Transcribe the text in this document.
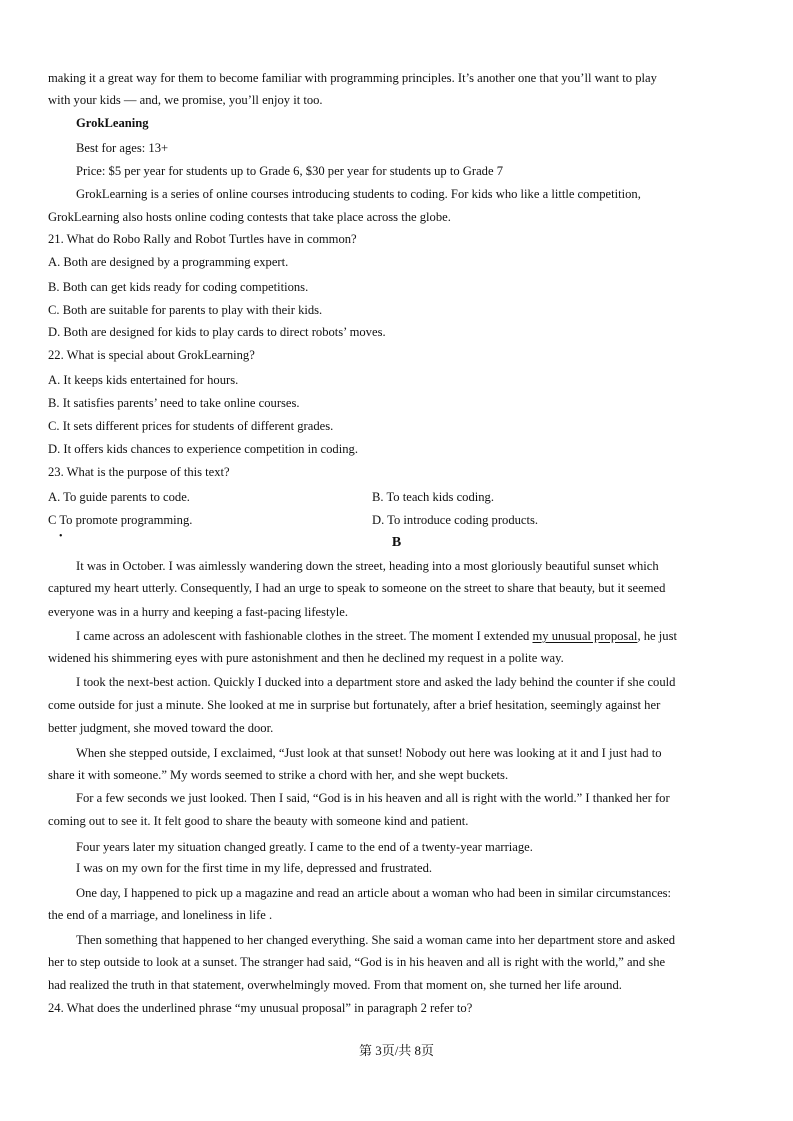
making it a great way for them to become familiar with programming principles. It’s another one that you’ll want to play
with your kids — and, we promise, you’ll enjoy it too.
GrokLeaning
Best for ages: 13+
Price: $5 per year for students up to Grade 6, $30 per year for students up to Grade 7
GrokLearning is a series of online courses introducing students to coding. For kids who like a little competition,
GrokLearning also hosts online coding contests that take place across the globe.
21. What do Robo Rally and Robot Turtles have in common?
A. Both are designed by a programming expert.
B. Both can get kids ready for coding competitions.
C. Both are suitable for parents to play with their kids.
D. Both are designed for kids to play cards to direct robots’ moves.
22. What is special about GrokLearning?
A. It keeps kids entertained for hours.
B. It satisfies parents’ need to take online courses.
C. It sets different prices for students of different grades.
D. It offers kids chances to experience competition in coding.
23. What is the purpose of this text?
A. To guide parents to code.	B. To teach kids coding.
C To promote programming.	D. To introduce coding products.
•	B
It was in October. I was aimlessly wandering down the street, heading into a most gloriously beautiful sunset which
captured my heart utterly. Consequently, I had an urge to speak to someone on the street to share that beauty, but it seemed
everyone was in a hurry and keeping a fast-pacing lifestyle.
I came across an adolescent with fashionable clothes in the street. The moment I extended my unusual proposal, he just
widened his shimmering eyes with pure astonishment and then he declined my request in a polite way.
I took the next-best action. Quickly I ducked into a department store and asked the lady behind the counter if she could
come outside for just a minute. She looked at me in surprise but fortunately, after a brief hesitation, seemingly against her
better judgment, she moved toward the door.
When she stepped outside, I exclaimed, “Just look at that sunset! Nobody out here was looking at it and I just had to
share it with someone.” My words seemed to strike a chord with her, and she wept buckets.
For a few seconds we just looked. Then I said, “God is in his heaven and all is right with the world.” I thanked her for
coming out to see it. It felt good to share the beauty with someone kind and patient.
Four years later my situation changed greatly. I came to the end of a twenty-year marriage.
I was on my own for the first time in my life, depressed and frustrated.
One day, I happened to pick up a magazine and read an article about a woman who had been in similar circumstances:
the end of a marriage, and loneliness in life .
Then something that happened to her changed everything. She said a woman came into her department store and asked
her to step outside to look at a sunset. The stranger had said, “God is in his heaven and all is right with the world,” and she
had realized the truth in that statement, overwhelmingly moved. From that moment on, she turned her life around.
24. What does the underlined phrase “my unusual proposal” in paragraph 2 refer to?
第 3页/共 8页
